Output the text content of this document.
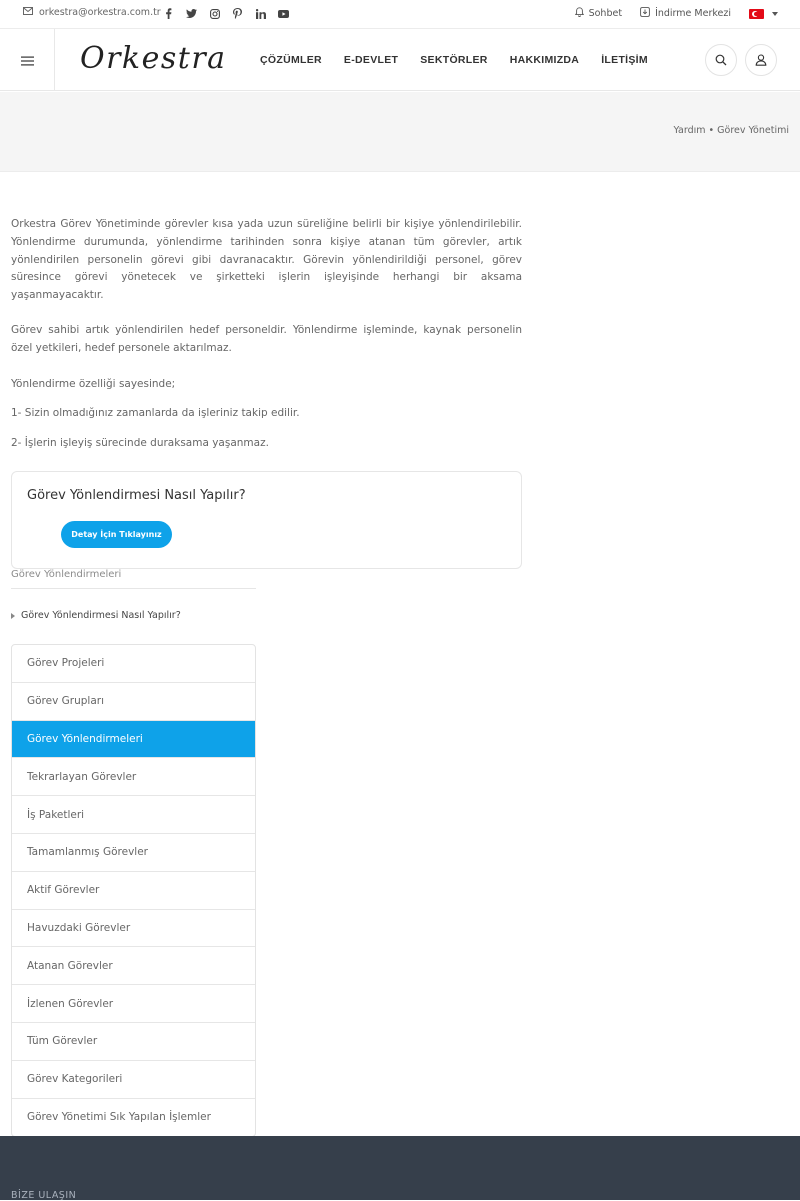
orkestra@orkestra.com.tr	Sohbet	İndirme Merkezi
Orkestra	ÇÖZÜMLER E-DEVLET SEKTÖRLER HAKKIMIZDA İLETİŞİM
Yardım • Görev Yönetimi

Orkestra Görev Yönetiminde görevler kısa yada uzun süreliğine belirli bir kişiye yönlendirilebilir. Yönlendirme durumunda, yönlendirme tarihinden sonra kişiye atanan tüm görevler, artık yönlendirilen personelin görevi gibi davranacaktır. Görevin yönlendirildiği personel, görev süresince görevi yönetecek ve şirketteki işlerin işleyişinde herhangi bir aksama yaşanmayacaktır.

Görev sahibi artık yönlendirilen hedef personeldir. Yönlendirme işleminde, kaynak personelin özel yetkileri, hedef personele aktarılmaz.

Yönlendirme özelliği sayesinde;

1- Sizin olmadığınız zamanlarda da işleriniz takip edilir.

2- İşlerin işleyiş sürecinde duraksama yaşanmaz.

Görev Yönlendirmesi Nasıl Yapılır?
Detay İçin Tıklayınız
Görev Yönlendirmeleri
Görev Yönlendirmesi Nasıl Yapılır?
Görev Projeleri
Görev Grupları
Görev Yönlendirmeleri
Tekrarlayan Görevler
İş Paketleri
Tamamlanmış Görevler
Aktif Görevler
Havuzdaki Görevler
Atanan Görevler
İzlenen Görevler
Tüm Görevler
Görev Kategorileri
Görev Yönetimi Sık Yapılan İşlemler
BİZE ULAŞIN
